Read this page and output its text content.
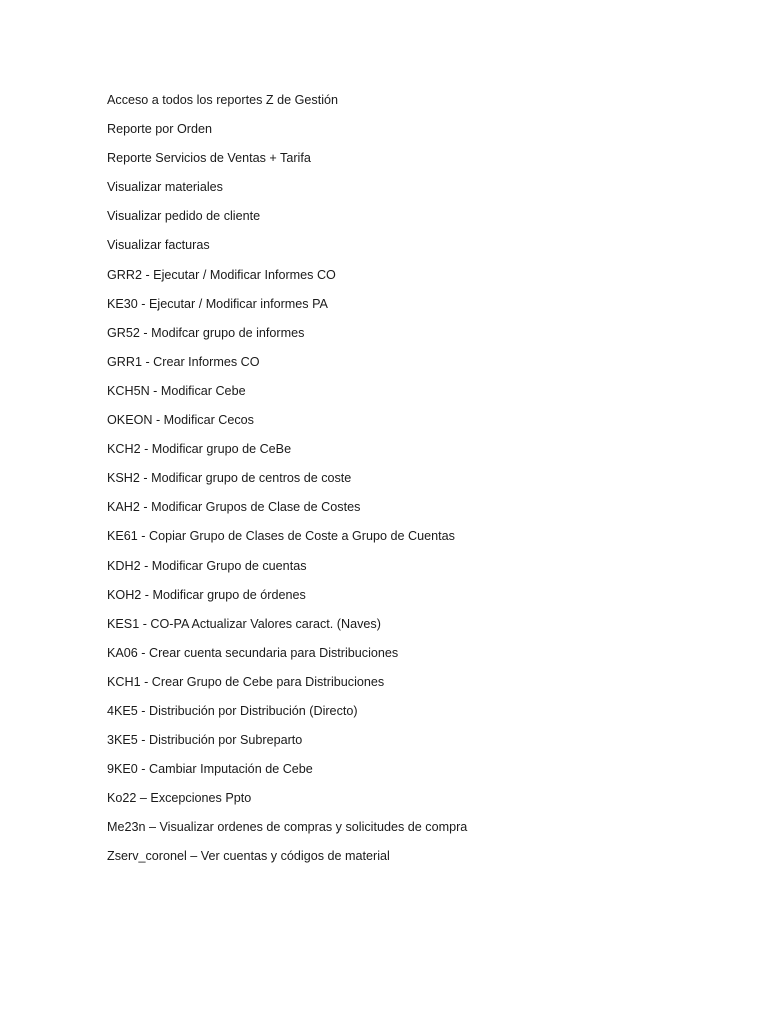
Acceso a todos los reportes Z de Gestión
Reporte por Orden
Reporte Servicios de Ventas + Tarifa
Visualizar materiales
Visualizar pedido de cliente
Visualizar facturas
GRR2 - Ejecutar / Modificar Informes CO
KE30 - Ejecutar / Modificar informes PA
GR52 - Modifcar grupo de informes
GRR1 - Crear Informes CO
KCH5N - Modificar Cebe
OKEON - Modificar Cecos
KCH2 - Modificar grupo de CeBe
KSH2 - Modificar grupo de centros de coste
KAH2 - Modificar Grupos de Clase de Costes
KE61 - Copiar Grupo de Clases de Coste a Grupo de Cuentas
KDH2 - Modificar Grupo de cuentas
KOH2 - Modificar grupo de órdenes
KES1 - CO-PA Actualizar Valores caract. (Naves)
KA06 - Crear cuenta secundaria para Distribuciones
KCH1 - Crear Grupo de Cebe para Distribuciones
4KE5 - Distribución por Distribución (Directo)
3KE5 - Distribución por Subreparto
9KE0 - Cambiar Imputación de Cebe
Ko22 – Excepciones Ppto
Me23n – Visualizar ordenes de compras y solicitudes de compra
Zserv_coronel – Ver cuentas y códigos de material
